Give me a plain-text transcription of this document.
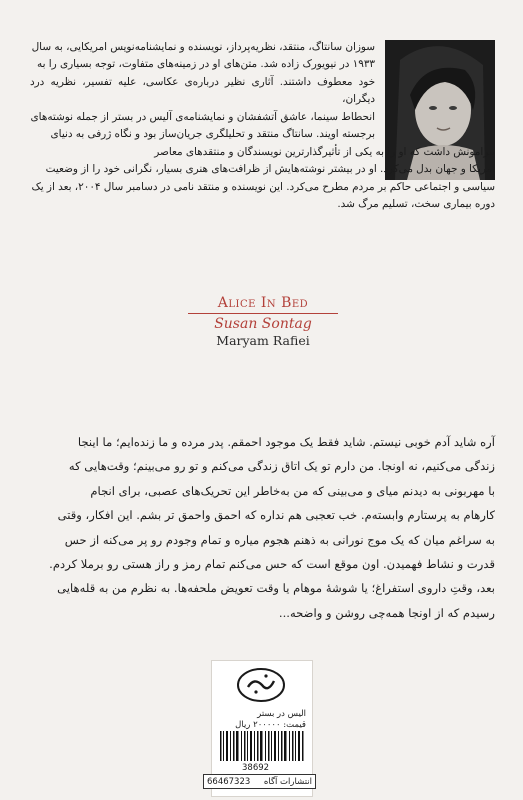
سوزان سانتاگ، منتقد، نظریه‌پرداز، نویسنده و نمایشنامه‌نویس امریکایی، به سال
۱۹۳۳ در نیویورک زاده شد. متن‌های او در زمینه‌های متفاوت، توجه بسیاری را به
خود معطوف داشتند. آثاری نظیر درباره‌ی عکاسی، علیه تفسیر، نظریه درد دیگران،
انحطاط سینما، عاشق آتشفشان و نمایشنامه‌ی آلیس در بستر از جمله نوشته‌های
برجسته اویند. سانتاگ منتقد و تحلیلگری جریان‌ساز بود و نگاه ژرفی به دنیای
پیرامونش داشت که او را به یکی از تأثیرگذارترین نویسندگان و منتقدهای معاصر
امریکا و جهان بدل می‌کرد. او در بیشتر نوشته‌هایش از ظرافت‌های هنری بسیار، نگرانی خود را از وضعیت
سیاسی و اجتماعی حاکم بر مردم مطرح می‌کرد. این نویسنده و منتقد نامی در دسامبر سال ۲۰۰۴، بعد از یک
دوره بیماری سخت، تسلیم مرگ شد.
Alice In Bed
Susan Sontag
Maryam Rafiei
آره شاید آدم خوبی نیستم. شاید فقط یک موجود احمقم. پدر مرده و ما زنده‌ایم؛ ما اینجا
زندگی می‌کنیم، نه اونجا. من دارم تو یک اتاق زندگی می‌کنم و تو رو می‌بینم؛ وقت‌هایی که
با مهربونی به دیدنم میای و می‌بینی که من به‌خاطر این تحریک‌های عصبی، برای انجام
کارهام به پرستارم وابسته‌م. خب تعجبی هم نداره که احمق واحمق تر بشم. این افکار، وقتی
به سراغم میان که یک موج نورانی به ذهنم هجوم میاره و تمام وجودم رو پر می‌کنه از حس
قدرت و نشاط فهمیدن. اون موقع است که حس می‌کنم تمام رمز و راز هستی رو برملا کردم.
بعد، وقتِ داروی استفراغ؛ یا شوشهٔ موهام یا وقت تعویض ملحفه‌ها. به نظرم من به قله‌هایی
رسیدم که از اونجا همه‌چی روشن و واضحه...
الیس در بستر
قیمت: ۲۰۰۰۰۰ ریال
38692
66467323 انتشارات آگاه
